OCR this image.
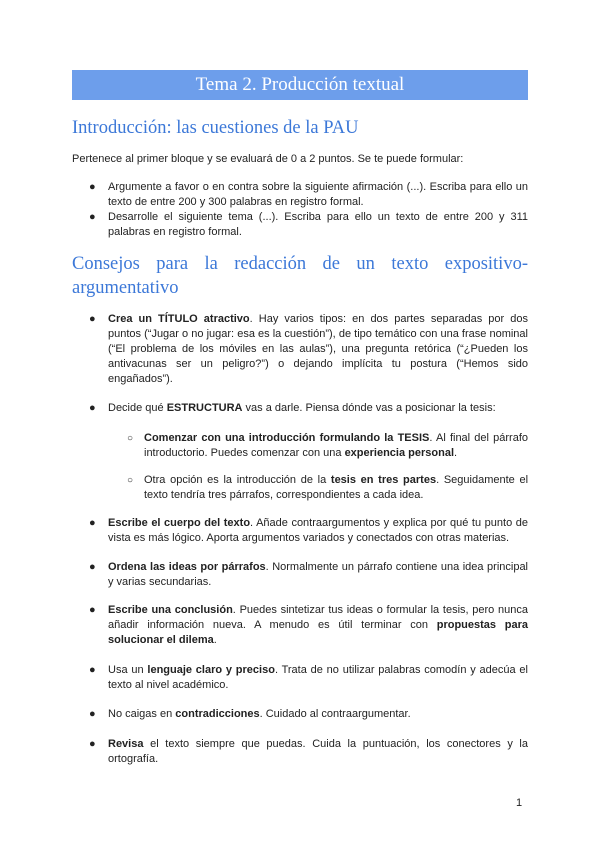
Tema 2. Producción textual
Introducción: las cuestiones de la PAU
Pertenece al primer bloque y se evaluará de 0 a 2 puntos. Se te puede formular:
● Argumente a favor o en contra sobre la siguiente afirmación (...). Escriba para ello un texto de entre 200 y 300 palabras en registro formal.
● Desarrolle el siguiente tema (...). Escriba para ello un texto de entre 200 y 311 palabras en registro formal.
Consejos para la redacción de un texto expositivo-argumentativo
● Crea un TÍTULO atractivo. Hay varios tipos: en dos partes separadas por dos puntos (“Jugar o no jugar: esa es la cuestión”), de tipo temático con una frase nominal (“El problema de los móviles en las aulas”), una pregunta retórica (“¿Pueden los antivacunas ser un peligro?”) o dejando implícita tu postura (“Hemos sido engañados”).
● Decide qué ESTRUCTURA vas a darle. Piensa dónde vas a posicionar la tesis:
○ Comenzar con una introducción formulando la TESIS. Al final del párrafo introductorio. Puedes comenzar con una experiencia personal.
○ Otra opción es la introducción de la tesis en tres partes. Seguidamente el texto tendría tres párrafos, correspondientes a cada idea.
● Escribe el cuerpo del texto. Añade contraargumentos y explica por qué tu punto de vista es más lógico. Aporta argumentos variados y conectados con otras materias.
● Ordena las ideas por párrafos. Normalmente un párrafo contiene una idea principal y varias secundarias.
● Escribe una conclusión. Puedes sintetizar tus ideas o formular la tesis, pero nunca añadir información nueva. A menudo es útil terminar con propuestas para solucionar el dilema.
● Usa un lenguaje claro y preciso. Trata de no utilizar palabras comodín y adecúa el texto al nivel académico.
● No caigas en contradicciones. Cuidado al contraargumentar.
● Revisa el texto siempre que puedas. Cuida la puntuación, los conectores y la ortografía.
1
